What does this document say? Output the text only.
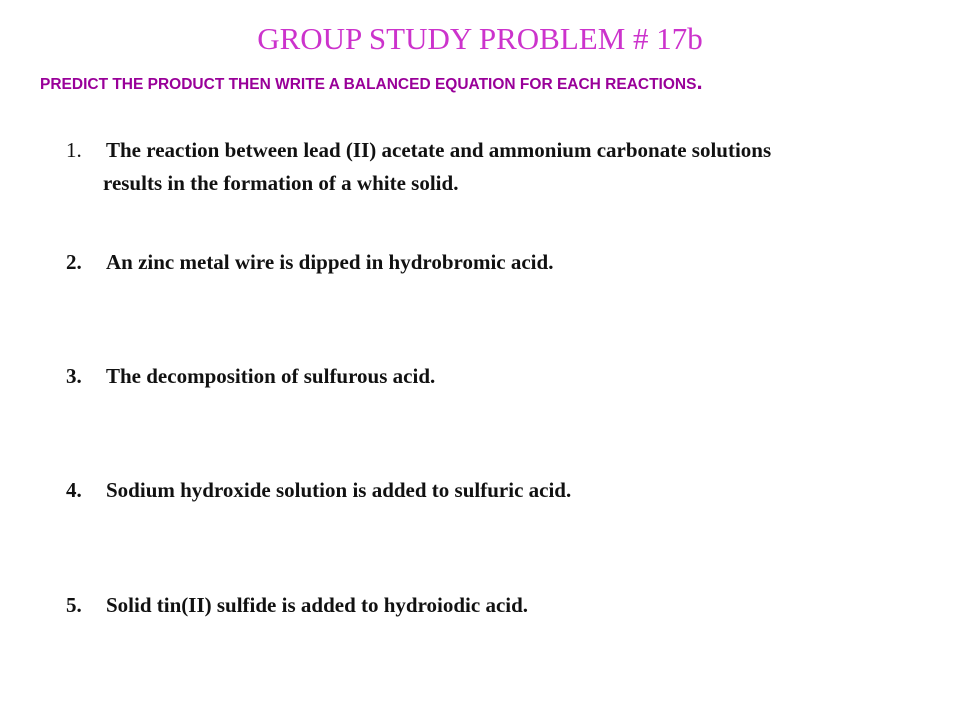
GROUP STUDY PROBLEM # 17b

PREDICT THE PRODUCT THEN WRITE A BALANCED EQUATION FOR EACH REACTIONS.

1. The reaction between lead (II) acetate and ammonium carbonate solutions
results in the formation of a white solid.
2. An zinc metal wire is dipped in hydrobromic acid.
3. The decomposition of sulfurous acid.
4. Sodium hydroxide solution is added to sulfuric acid.
5. Solid tin(II) sulfide is added to hydroiodic acid.
